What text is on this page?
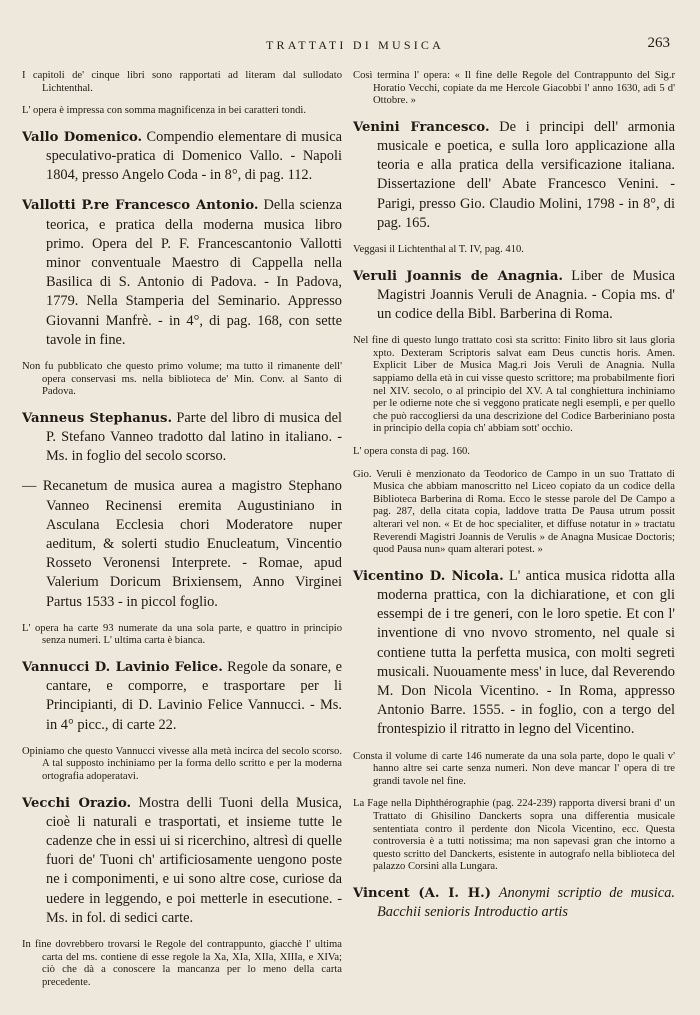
TRATTATI DI MUSICA	263

I capitoli de' cinque libri sono rapportati ad literam dal sullodato Lichtenthal.

L' opera è impressa con somma magnificenza in bei caratteri tondi.

Vallo Domenico. Compendio elementare di musica speculativo-pratica di Domenico Vallo. - Napoli 1804, presso Angelo Coda - in 8°, di pag. 112.
Vallotti P.re Francesco Antonio. Della scienza teorica, e pratica della moderna musica libro primo. Opera del P. F. Francescantonio Vallotti minor conventuale Maestro di Cappella nella Basilica di S. Antonio di Padova. - In Padova, 1779. Nella Stamperia del Seminario. Appresso Giovanni Manfrè. - in 4°, di pag. 168, con sette tavole in fine.

Non fu pubblicato che questo primo volume; ma tutto il rimanente dell' opera conservasi ms. nella biblioteca de' Min. Conv. al Santo di Padova.

Vanneus Stephanus. Parte del libro di musica del P. Stefano Vanneo tradotto dal latino in italiano. - Ms. in foglio del secolo scorso.
— Recanetum de musica aurea a magistro Stephano Vanneo Recinensi eremita Augustiniano in Asculana Ecclesia chori Moderatore nuper aeditum, & solerti studio Enucleatum, Vincentio Rosseto Veronensi Interprete. - Romae, apud Valerium Doricum Brixiensem, Anno Virginei Partus 1533 - in piccol foglio.

L' opera ha carte 93 numerate da una sola parte, e quattro in principio senza numeri. L' ultima carta è bianca.

Vannucci D. Lavinio Felice. Regole da sonare, e cantare, e comporre, e trasportare per li Principianti, di D. Lavinio Felice Vannucci. - Ms. in 4° picc., di carte 22.

Opiniamo che questo Vannucci vivesse alla metà incirca del secolo scorso. A tal supposto inchiniamo per la forma dello scritto e per la moderna ortografia adoperatavi.

Vecchi Orazio. Mostra delli Tuoni della Musica, cioè li naturali e trasportati, et insieme tutte le cadenze che in essi ui si ricerchino, altresì di quelle fuori de' Tuoni ch' artificiosamente uengono poste ne i componimenti, e ui sono altre cose, curiose da uedere in leggendo, e poi metterle in esecutione. - Ms. in fol. di sedici carte.

In fine dovrebbero trovarsi le Regole del contrappunto, giacchè l' ultima carta del ms. contiene di esse regole la Xa, XIa, XIIa, XIIIa, e XIVa; ciò che dà a conoscere la mancanza per lo meno della carta precedente.

Così termina l' opera: « Il fine delle Regole del Contrappunto del Sig.r Horatio Vecchi, copiate da me Hercole Giacobbi l' anno 1630, adì 5 d' Ottobre. »

Venini Francesco. De i principi dell' armonia musicale e poetica, e sulla loro applicazione alla teoria e alla pratica della versificazione italiana. Dissertazione dell' Abate Francesco Venini. - Parigi, presso Gio. Claudio Molini, 1798 - in 8°, di pag. 165.

Veggasi il Lichtenthal al T. IV, pag. 410.

Veruli Joannis de Anagnia. Liber de Musica Magistri Joannis Veruli de Anagnia. - Copia ms. d' un codice della Bibl. Barberina di Roma.

Nel fine di questo lungo trattato così sta scritto: Finito libro sit laus gloria xpto. Dexteram Scriptoris salvat eam Deus cunctis horis. Amen. Explicit Liber de Musica Mag.ri Jois Veruli de Anagnia. Nulla sappiamo della età in cui visse questo scrittore; ma probabilmente fiorì nel XIV. secolo, o al principio del XV. A tal conghiettura inchiniamo per le odierne note che si veggono praticate negli esempli, e per quello che può raccogliersi da una descrizione del Codice Barberiniano posta in principio della copia ch' abbiam sott' occhio.

L' opera consta di pag. 160.

Gio. Veruli è menzionato da Teodorico de Campo in un suo Trattato di Musica che abbiam manoscritto nel Liceo copiato da un codice della Biblioteca Barberina di Roma. Ecco le stesse parole del De Campo a pag. 287, della citata copia, laddove tratta De Pausa utrum possit alterari vel non. « Et de hoc specialiter, et diffuse notatur in » tractatu Reverendi Magistri Joannis de Verulis » de Anagna Musicae Doctoris; quod Pausa nun» quam alterari potest. »

Vicentino D. Nicola. L' antica musica ridotta alla moderna prattica, con la dichiaratione, et con gli essempi de i tre generi, con le loro spetie. Et con l' inventione di vno nvovo stromento, nel quale si contiene tutta la perfetta musica, con molti segreti musicali. Nuouamente mess' in luce, dal Reverendo M. Don Nicola Vicentino. - In Roma, appresso Antonio Barre. 1555. - in foglio, con a tergo del frontespizio il ritratto in legno del Vicentino.

Consta il volume di carte 146 numerate da una sola parte, dopo le quali v' hanno altre sei carte senza numeri. Non deve mancar l' opera di tre grandi tavole nel fine.

La Fage nella Diphthérographie (pag. 224-239) rapporta diversi brani d' un Trattato di Ghisilino Danckerts sopra una differentia musicale sententiata contro il perdente don Nicola Vicentino, ecc. Questa controversia è a tutti notissima; ma non sapevasi gran che intorno a questo scritto del Danckerts, esistente in autografo nella biblioteca del palazzo Corsini alla Lungara.

Vincent (A. I. H.) Anonymi scriptio de musica. Bacchii senioris Introductio artis
